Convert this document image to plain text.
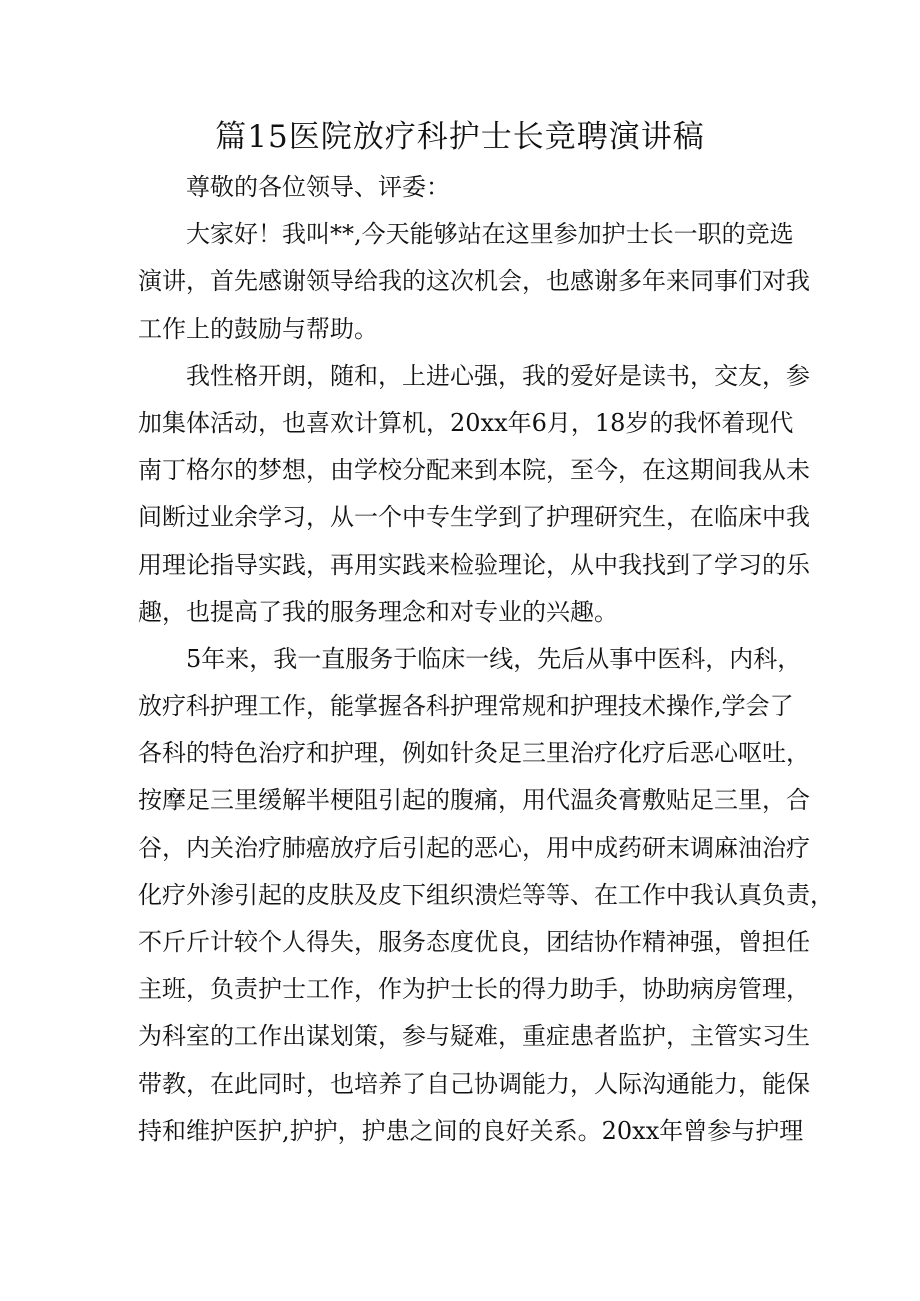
篇15医院放疗科护士长竞聘演讲稿

尊敬的各位领导、评委：

大家好！我叫**,今天能够站在这里参加护士长一职的竞选
演讲，首先感谢领导给我的这次机会，也感谢多年来同事们对我
工作上的鼓励与帮助。

我性格开朗，随和，上进心强，我的爱好是读书，交友，参
加集体活动，也喜欢计算机，20xx年6月，18岁的我怀着现代
南丁格尔的梦想，由学校分配来到本院，至今，在这期间我从未
间断过业余学习，从一个中专生学到了护理研究生，在临床中我
用理论指导实践，再用实践来检验理论，从中我找到了学习的乐
趣，也提高了我的服务理念和对专业的兴趣。

5年来，我一直服务于临床一线，先后从事中医科，内科，
放疗科护理工作，能掌握各科护理常规和护理技术操作,学会了
各科的特色治疗和护理，例如针灸足三里治疗化疗后恶心呕吐，
按摩足三里缓解半梗阻引起的腹痛，用代温灸膏敷贴足三里，合
谷，内关治疗肺癌放疗后引起的恶心，用中成药研末调麻油治疗
化疗外渗引起的皮肤及皮下组织溃烂等等、在工作中我认真负责，
不斤斤计较个人得失，服务态度优良，团结协作精神强，曾担任
主班，负责护士工作，作为护士长的得力助手，协助病房管理，
为科室的工作出谋划策，参与疑难，重症患者监护，主管实习生
带教，在此同时，也培养了自己协调能力，人际沟通能力，能保
持和维护医护,护护，护患之间的良好关系。20xx年曾参与护理
